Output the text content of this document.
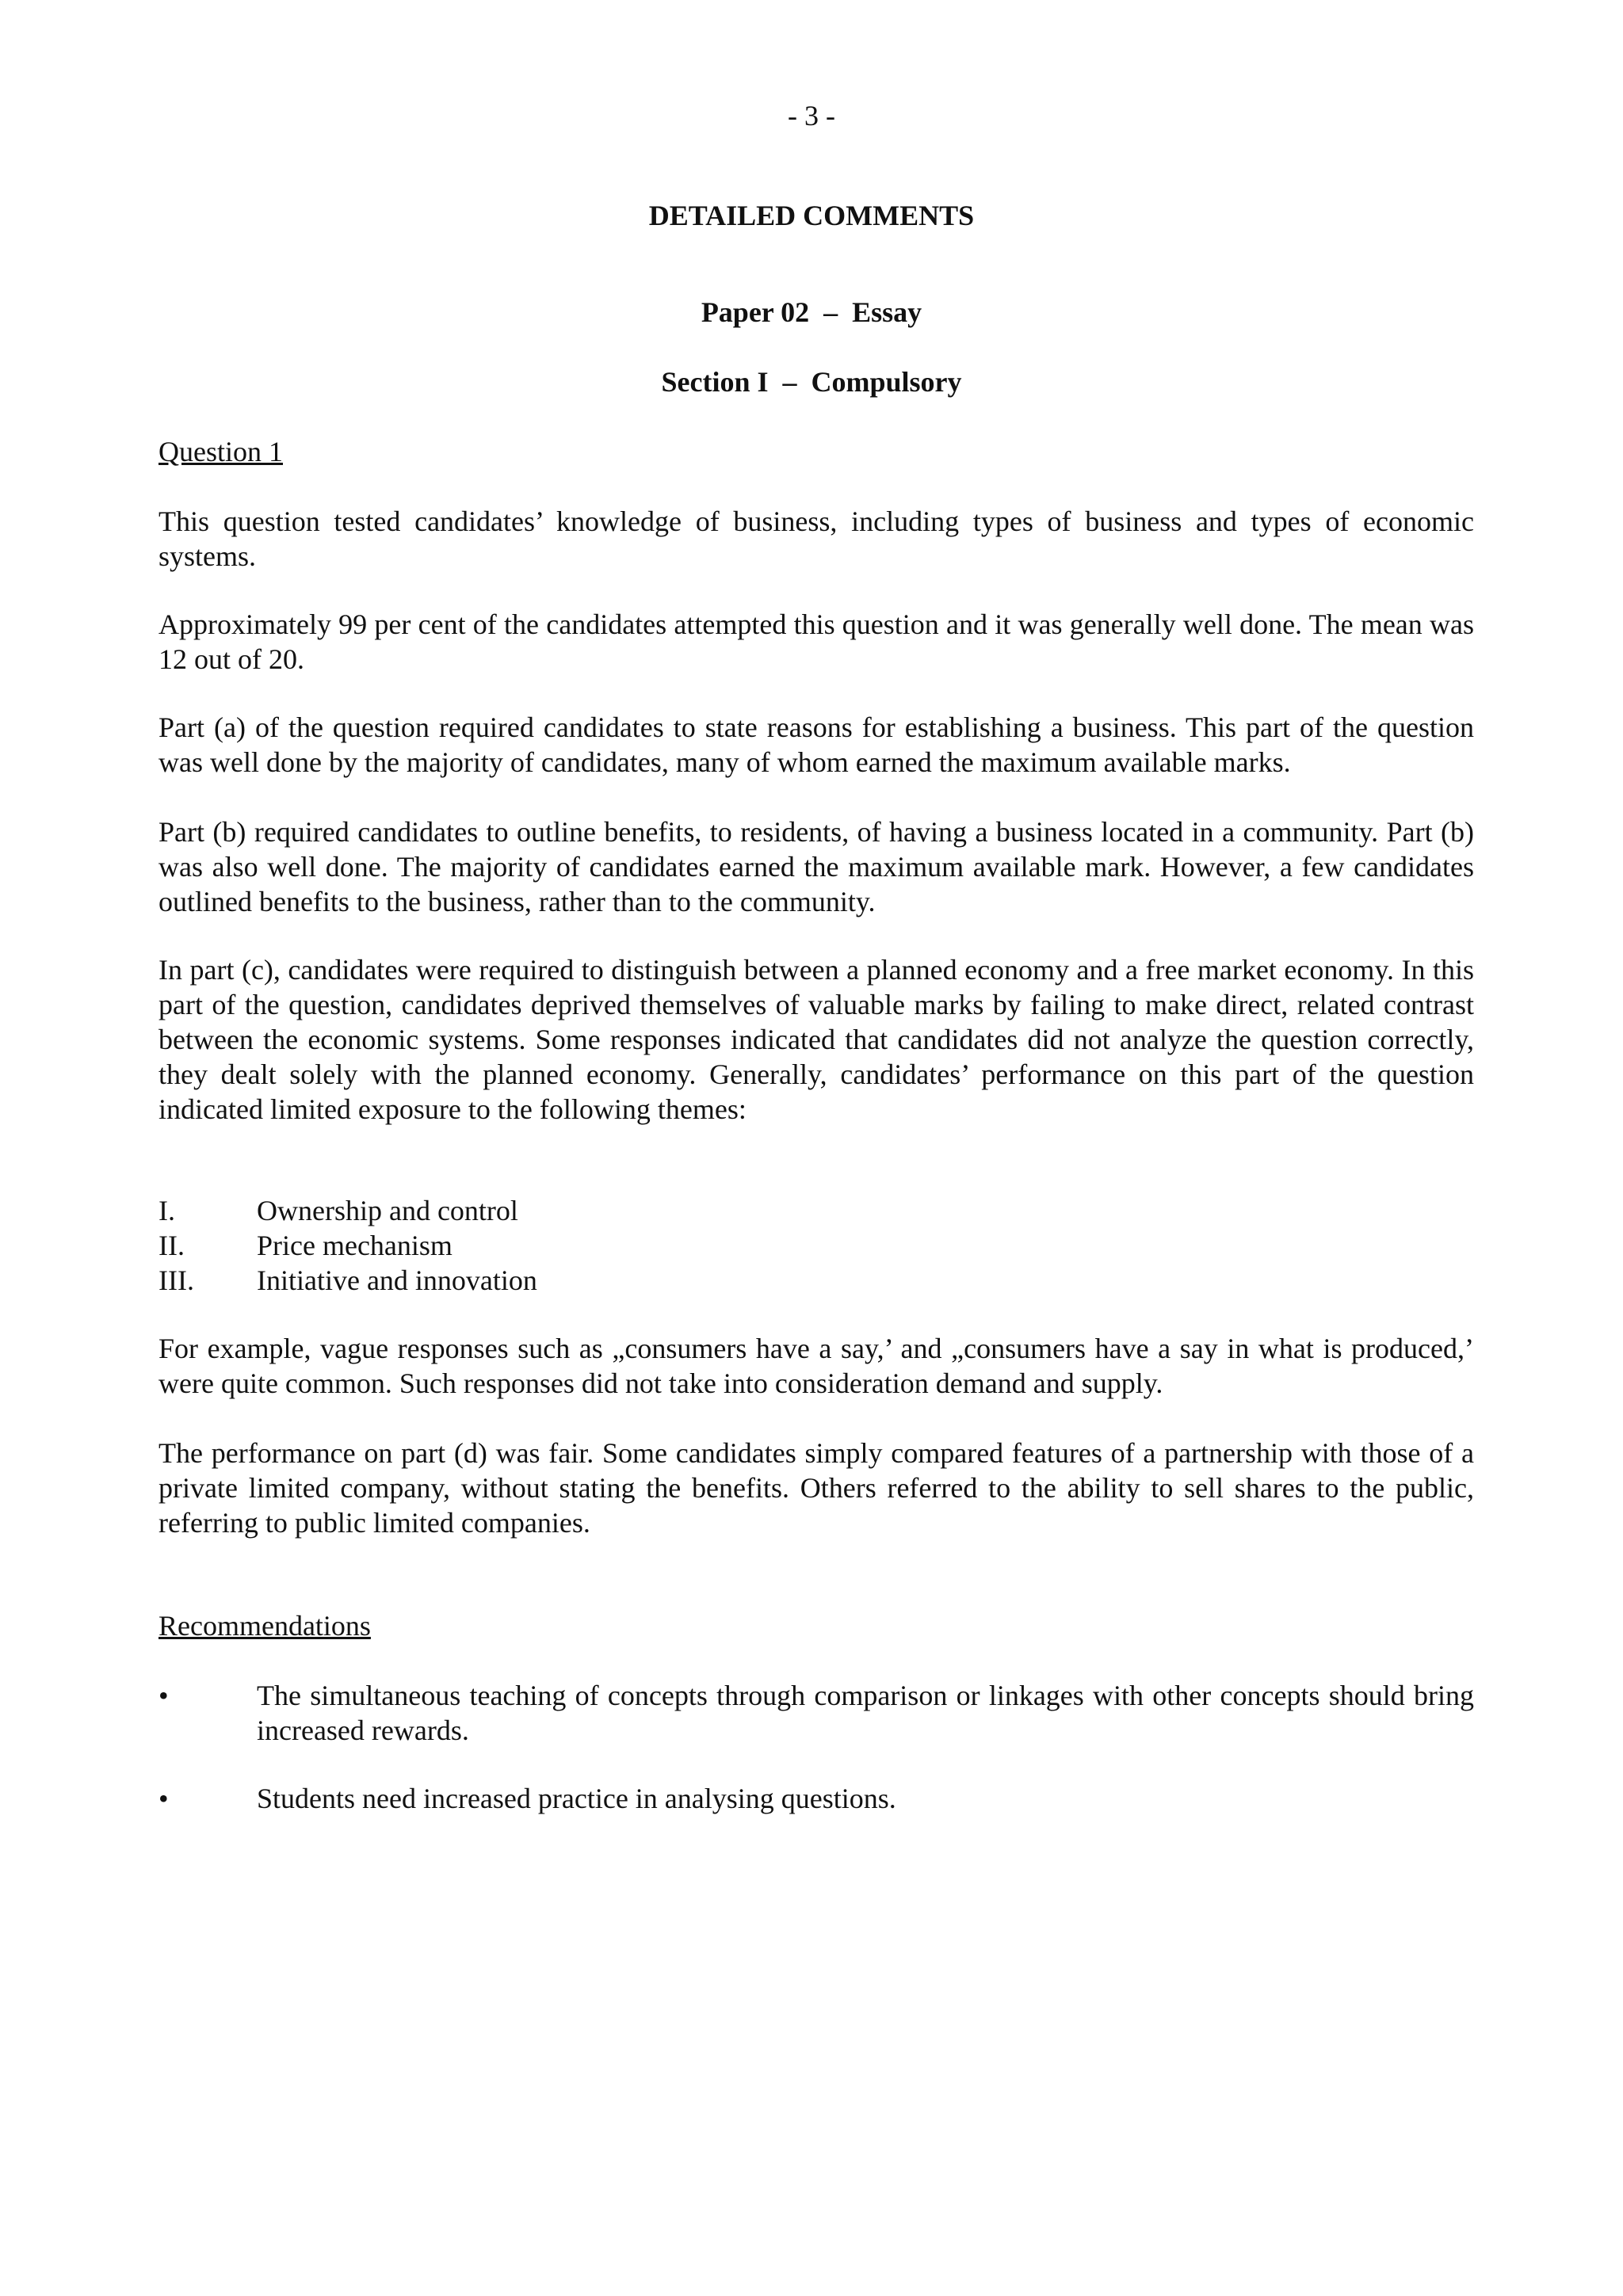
- 3 -
DETAILED COMMENTS
Paper 02 – Essay
Section I – Compulsory
Question 1
This question tested candidates’ knowledge of business, including types of business and types of economic systems.
Approximately 99 per cent of the candidates attempted this question and it was generally well done. The mean was 12 out of 20.
Part (a) of the question required candidates to state reasons for establishing a business. This part of the question was well done by the majority of candidates, many of whom earned the maximum available marks.
Part (b) required candidates to outline benefits, to residents, of having a business located in a community. Part (b) was also well done. The majority of candidates earned the maximum available mark. However, a few candidates outlined benefits to the business, rather than to the community.
In part (c), candidates were required to distinguish between a planned economy and a free market economy. In this part of the question, candidates deprived themselves of valuable marks by failing to make direct, related contrast between the economic systems. Some responses indicated that candidates did not analyze the question correctly, they dealt solely with the planned economy. Generally, candidates’ performance on this part of the question indicated limited exposure to the following themes:
I.	Ownership and control
II.	Price mechanism
III.	Initiative and innovation
For example, vague responses such as „consumers have a say,’ and „consumers have a say in what is produced,’ were quite common. Such responses did not take into consideration demand and supply.
The performance on part (d) was fair. Some candidates simply compared features of a partnership with those of a private limited company, without stating the benefits. Others referred to the ability to sell shares to the public, referring to public limited companies.
Recommendations
•	The simultaneous teaching of concepts through comparison or linkages with other concepts should bring increased rewards.
•	Students need increased practice in analysing questions.
